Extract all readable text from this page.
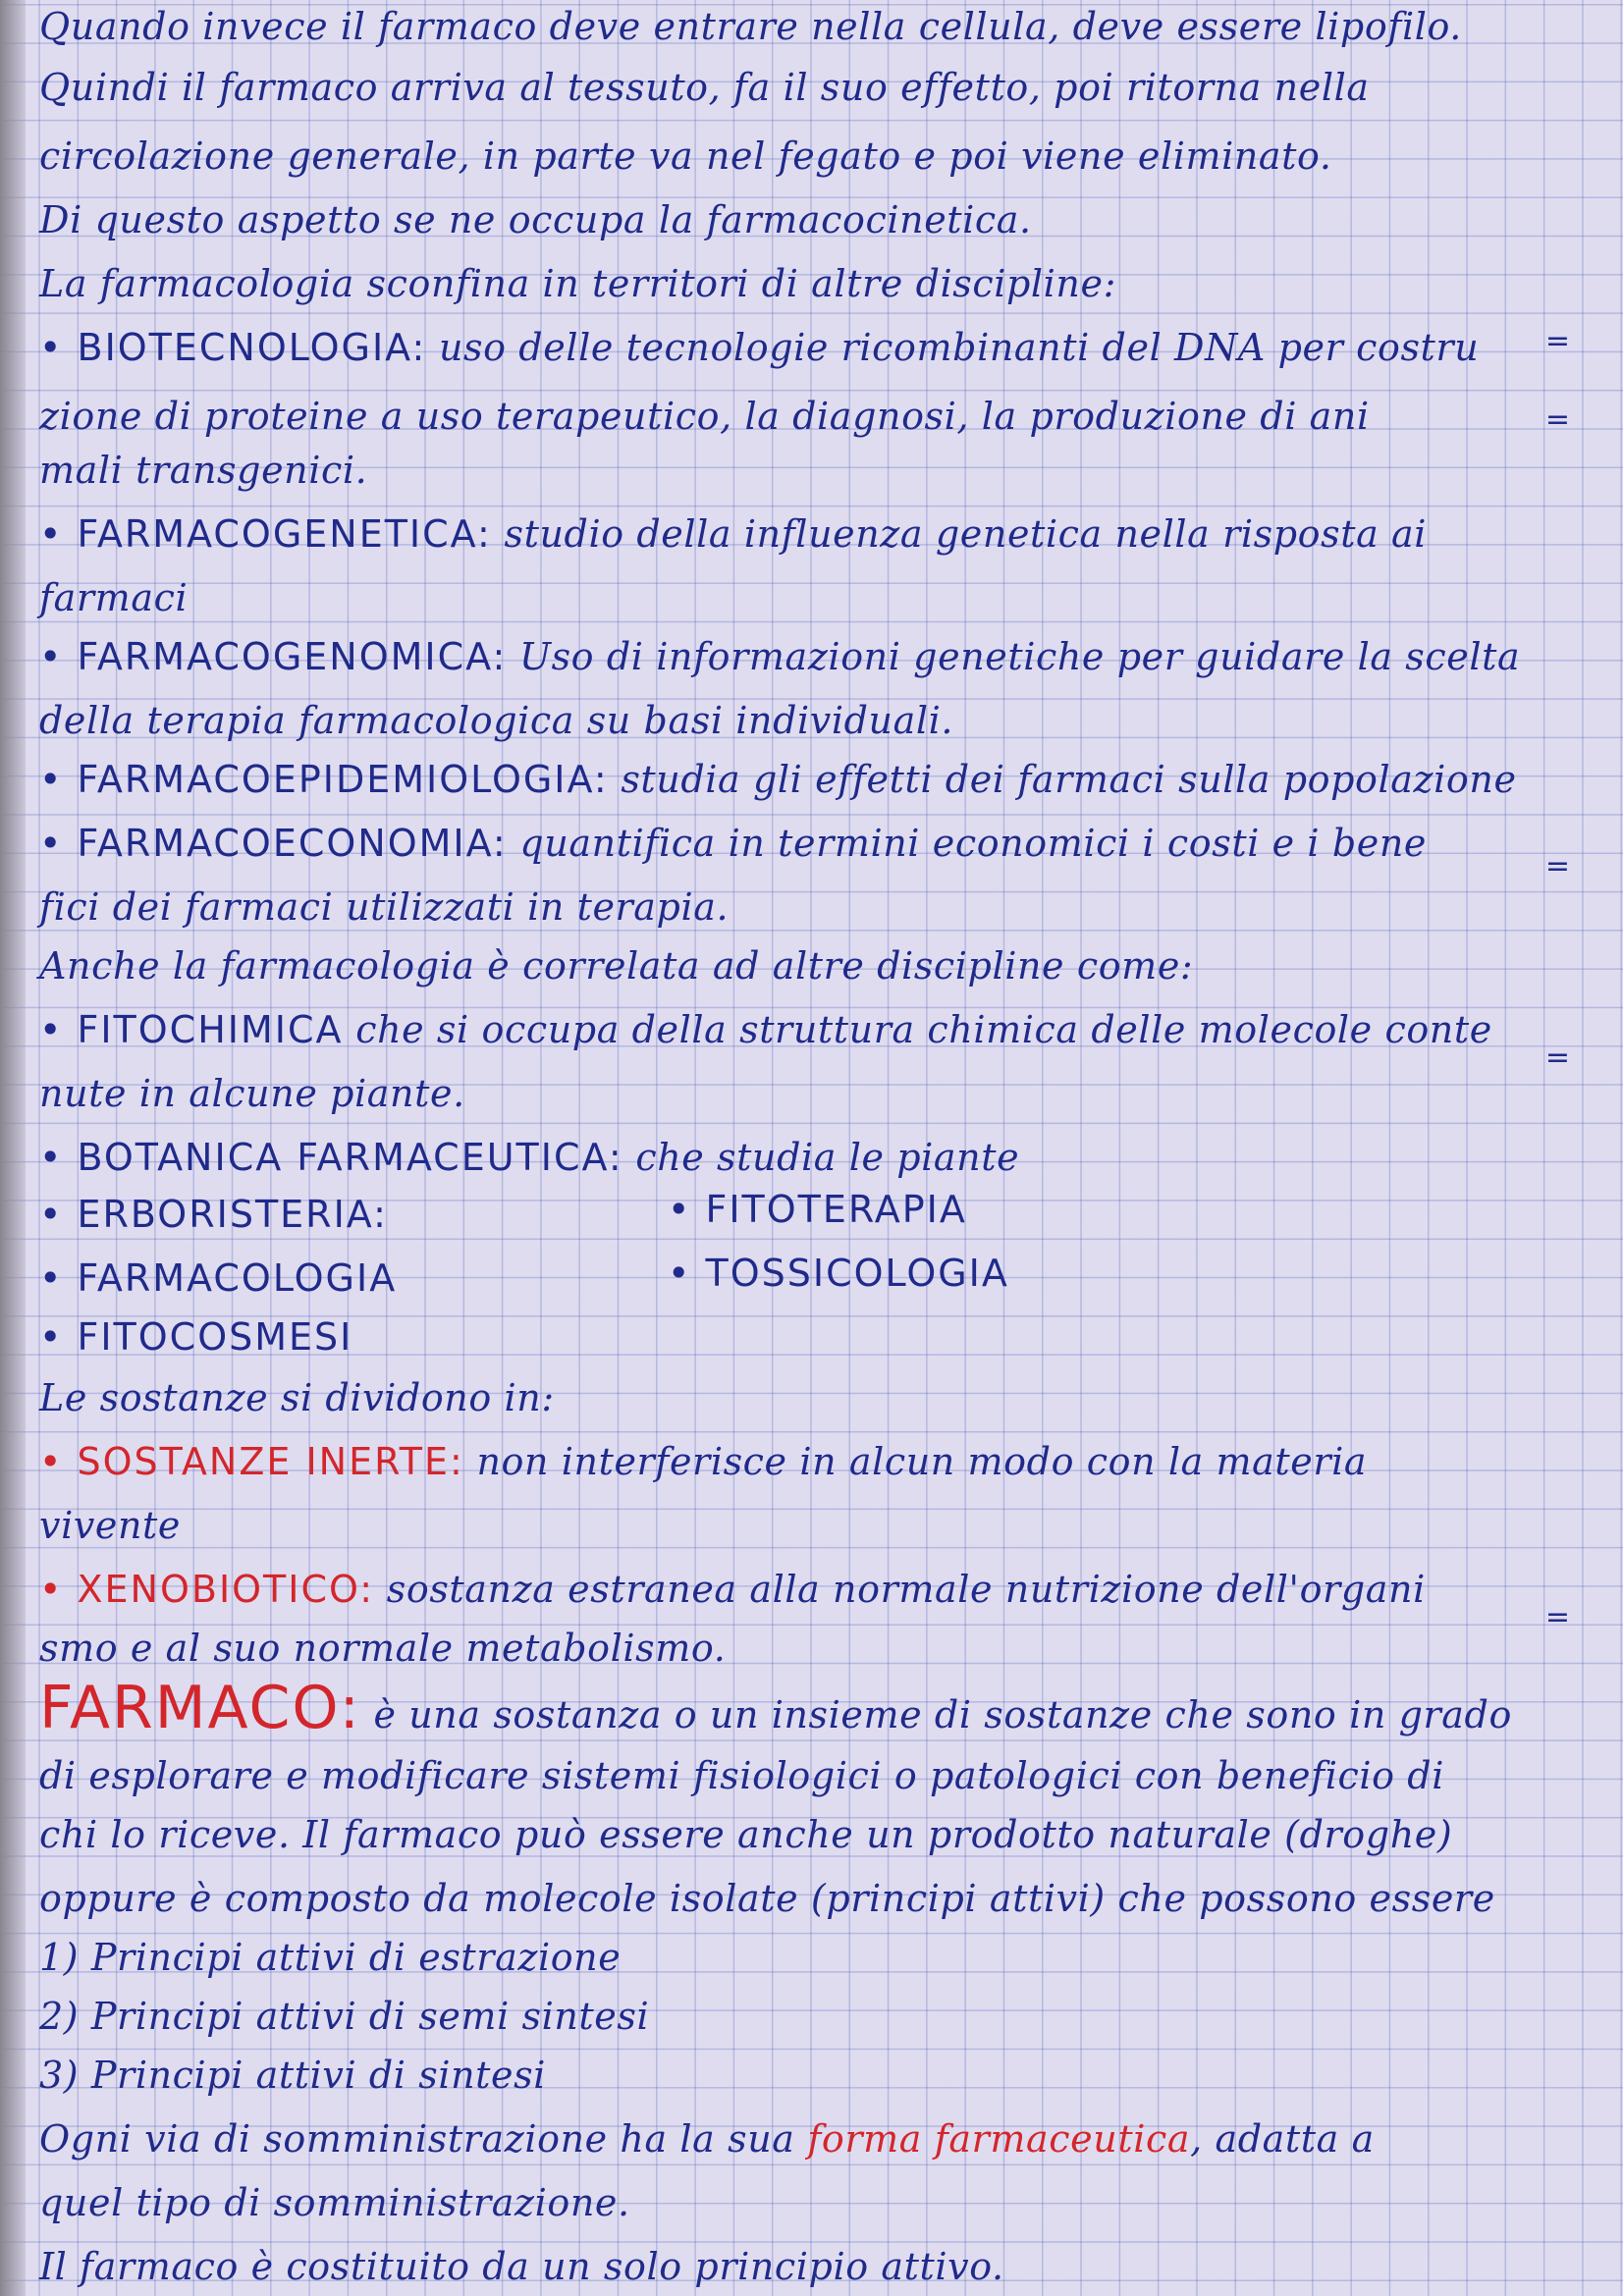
Quando invece il farmaco deve entrare nella cellula, deve essere lipofilo.
Quindi il farmaco arriva al tessuto, fa il suo effetto, poi ritorna nella
circolazione generale, in parte va nel fegato e poi viene eliminato.
Di questo aspetto se ne occupa la farmacocinetica.
La farmacologia sconfina in territori di altre discipline:
• BIOTECNOLOGIA: uso delle tecnologie ricombinanti del DNA per costru	=
zione di proteine a uso terapeutico, la diagnosi, la produzione di ani	=
mali transgenici.
• FARMACOGENETICA: studio della influenza genetica nella risposta ai
farmaci
• FARMACOGENOMICA: Uso di informazioni genetiche per guidare la scelta
della terapia farmacologica su basi individuali.
• FARMACOEPIDEMIOLOGIA: studia gli effetti dei farmaci sulla popolazione
• FARMACOECONOMIA: quantifica in termini economici i costi e i bene
=
fici dei farmaci utilizzati in terapia.
Anche la farmacologia è correlata ad altre discipline come:
• FITOCHIMICA che si occupa della struttura chimica delle molecole conte
=
nute in alcune piante.
• BOTANICA FARMACEUTICA: che studia le piante
• ERBORISTERIA:	• FITOTERAPIA
• FARMACOLOGIA	• TOSSICOLOGIA
• FITOCOSMESI
Le sostanze si dividono in:
• SOSTANZE INERTE: non interferisce in alcun modo con la materia
vivente
• XENOBIOTICO: sostanza estranea alla normale nutrizione dell'organi
=
smo e al suo normale metabolismo.
FARMACO: è una sostanza o un insieme di sostanze che sono in grado
di esplorare e modificare sistemi fisiologici o patologici con beneficio di
chi lo riceve. Il farmaco può essere anche un prodotto naturale (droghe)
oppure è composto da molecole isolate (principi attivi) che possono essere
1) Principi attivi di estrazione
2) Principi attivi di semi sintesi
3) Principi attivi di sintesi
Ogni via di somministrazione ha la sua forma farmaceutica, adatta a
quel tipo di somministrazione.
Il farmaco è costituito da un solo principio attivo.
